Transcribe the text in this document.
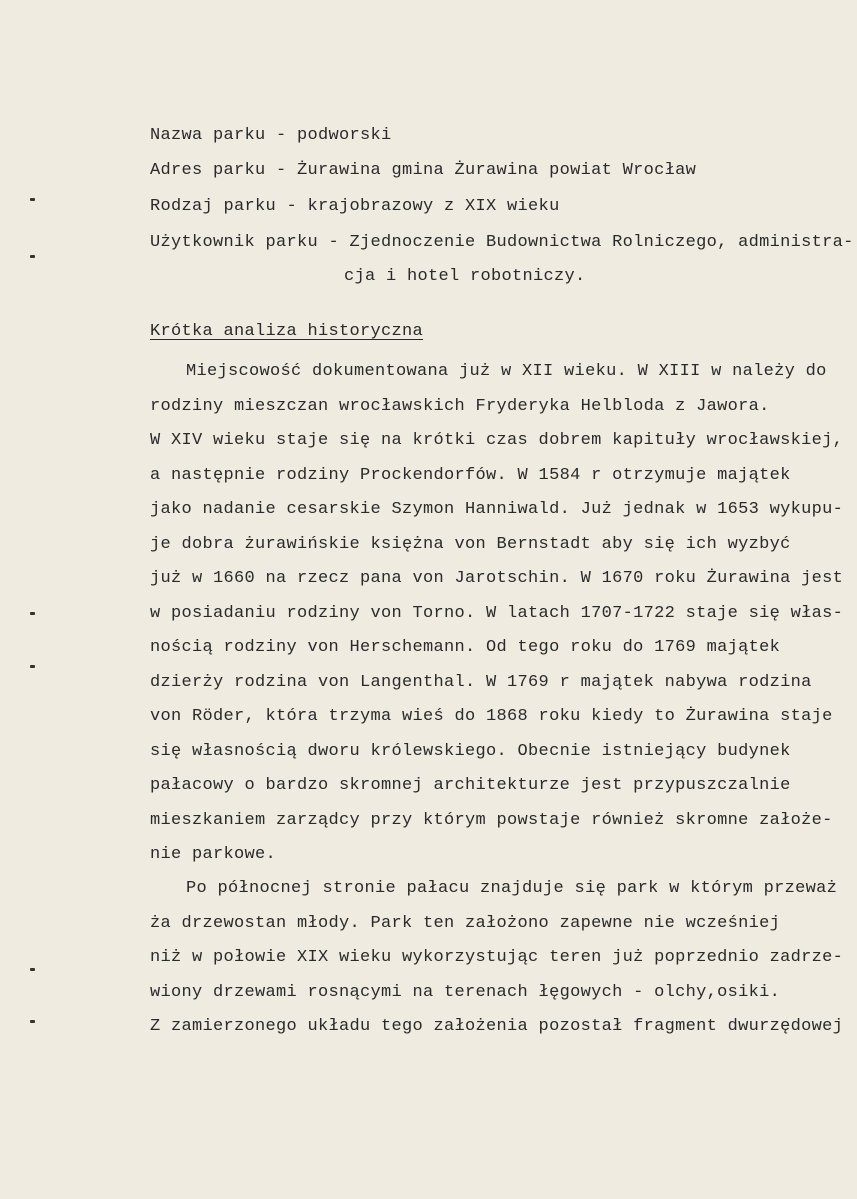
Nazwa parku - podworski
Adres parku - Żurawina gmina Żurawina powiat Wrocław
Rodzaj parku - krajobrazowy z XIX wieku
Użytkownik parku - Zjednoczenie Budownictwa Rolniczego, administra-
cja i hotel robotniczy.
Krótka analiza historyczna
Miejscowość dokumentowana już w XII wieku. W XIII w należy do
rodziny mieszczan wrocławskich Fryderyka Helbloda z Jawora.
W XIV wieku staje się na krótki czas dobrem kapituły wrocławskiej,
a następnie rodziny Prockendorfów. W 1584 r otrzymuje majątek
jako nadanie cesarskie Szymon Hanniwald. Już jednak w 1653 wykupu-
je dobra żurawińskie księżna von Bernstadt aby się ich wyzbyć
już w 1660 na rzecz pana von Jarotschin. W 1670 roku Żurawina jest
w posiadaniu rodziny von Torno. W latach 1707-1722 staje się włas-
nością rodziny von Herschemann. Od tego roku do 1769 majątek
dzierży rodzina von Langenthal. W 1769 r majątek nabywa rodzina
von Röder, która trzyma wieś do 1868 roku kiedy to Żurawina staje
się własnością dworu królewskiego. Obecnie istniejący budynek
pałacowy o bardzo skromnej architekturze jest przypuszczalnie
mieszkaniem zarządcy przy którym powstaje również skromne założe-
nie parkowe.
Po północnej stronie pałacu znajduje się park w którym przeważ
ża drzewostan młody. Park ten założono zapewne nie wcześniej
niż w połowie XIX wieku wykorzystując teren już poprzednio zadrze-
wiony drzewami rosnącymi na terenach łęgowych - olchy,osiki.
Z zamierzonego układu tego założenia pozostał fragment dwurzędowej
